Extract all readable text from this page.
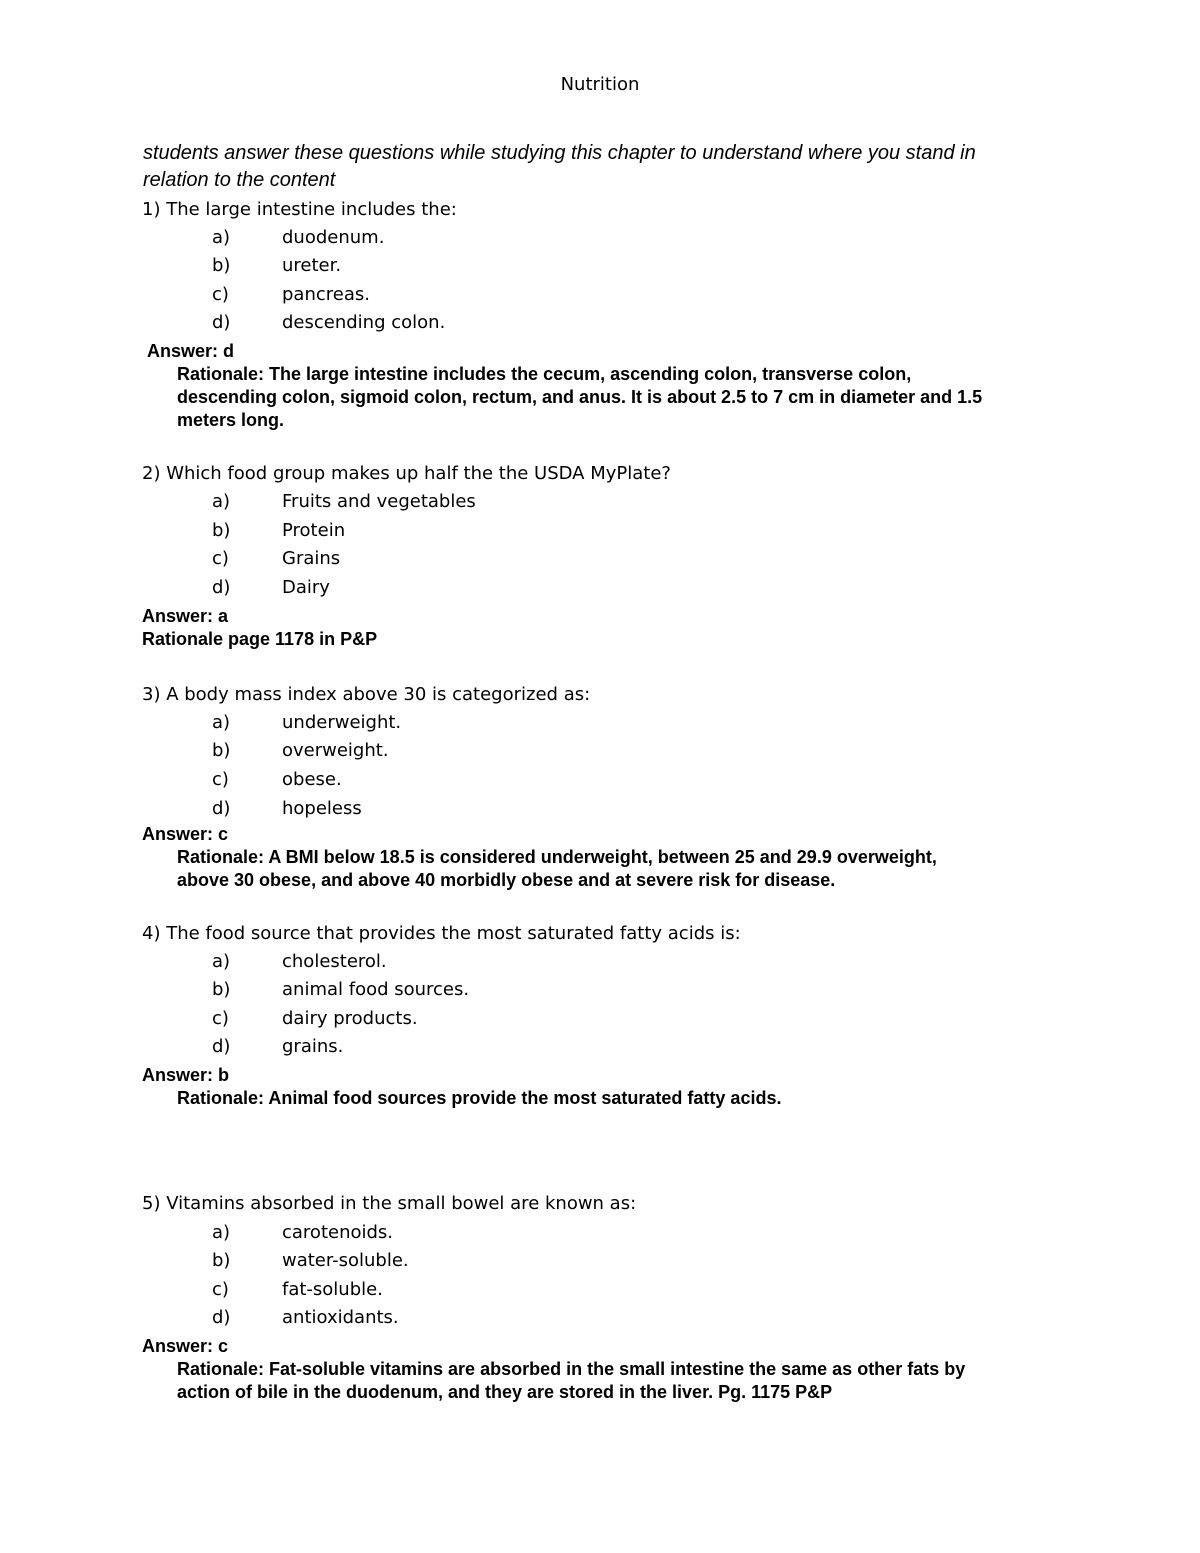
Nutrition
students answer these questions while studying this chapter to understand where you stand in
relation to the content
1) The large intestine includes the:
a)	duodenum.
b)	ureter.
c)	pancreas.
d)	descending colon.
Answer: d
Rationale: The large intestine includes the cecum, ascending colon, transverse colon,
descending colon, sigmoid colon, rectum, and anus. It is about 2.5 to 7 cm in diameter and 1.5
meters long.
2) Which food group makes up half the the USDA MyPlate?
a)	Fruits and vegetables
b)	Protein
c)	Grains
d)	Dairy
Answer: a
Rationale page 1178 in P&P
3) A body mass index above 30 is categorized as:
a)	underweight.
b)	overweight.
c)	obese.
d)	hopeless
Answer: c
Rationale: A BMI below 18.5 is considered underweight, between 25 and 29.9 overweight,
above 30 obese, and above 40 morbidly obese and at severe risk for disease.
4) The food source that provides the most saturated fatty acids is:
a)	cholesterol.
b)	animal food sources.
c)	dairy products.
d)	grains.
Answer: b
Rationale: Animal food sources provide the most saturated fatty acids.
5) Vitamins absorbed in the small bowel are known as:
a)	carotenoids.
b)	water-soluble.
c)	fat-soluble.
d)	antioxidants.
Answer: c
Rationale: Fat-soluble vitamins are absorbed in the small intestine the same as other fats by
action of bile in the duodenum, and they are stored in the liver. Pg. 1175 P&P
